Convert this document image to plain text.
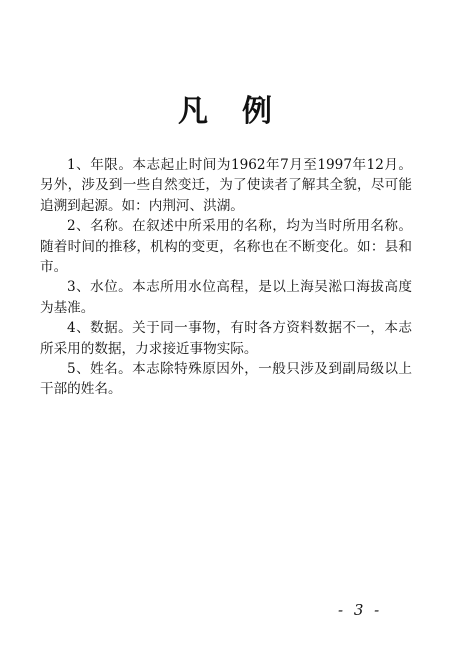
凡例

1、年限。本志起止时间为1962年7月至1997年12月。另外，涉及到一些自然变迁，为了使读者了解其全貌，尽可能追溯到起源。如：内荆河、洪湖。

2、名称。在叙述中所采用的名称，均为当时所用名称。随着时间的推移，机构的变更，名称也在不断变化。如：县和市。

3、水位。本志所用水位高程，是以上海吴淞口海拔高度为基准。

4、数据。关于同一事物，有时各方资料数据不一，本志所采用的数据，力求接近事物实际。

5、姓名。本志除特殊原因外，一般只涉及到副局级以上干部的姓名。

- 3 -
